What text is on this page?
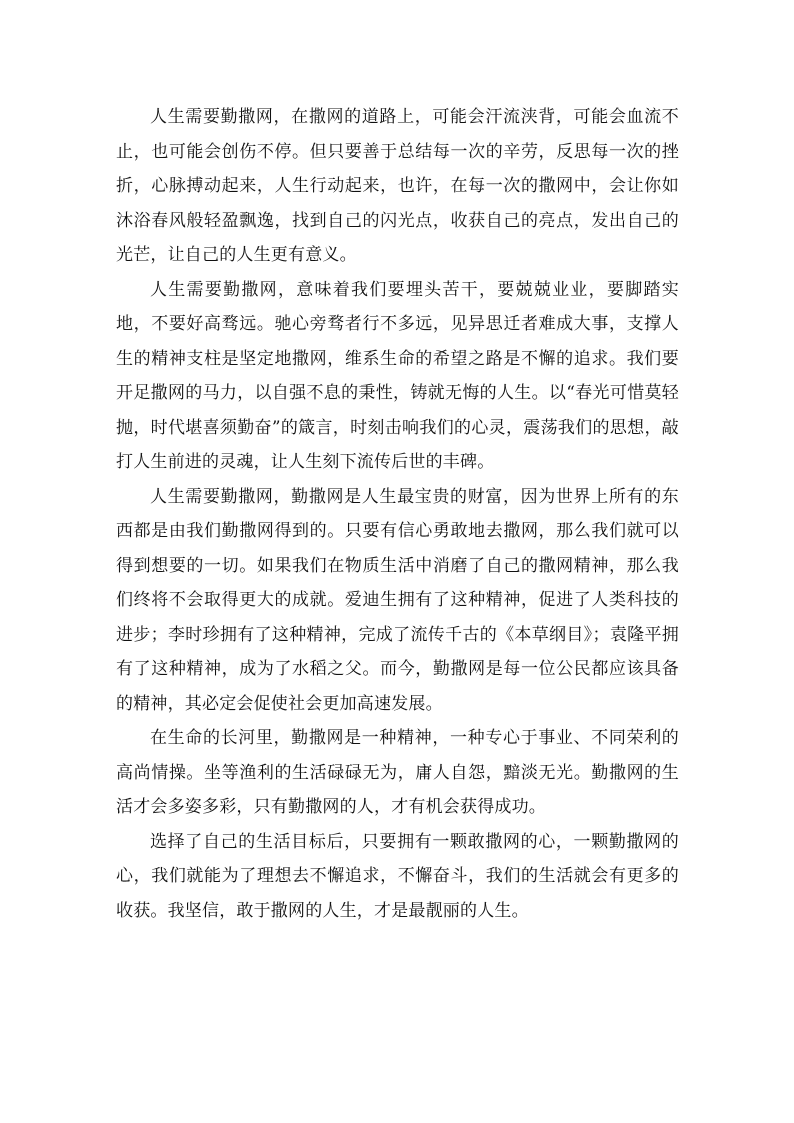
人生需要勤撒网，在撒网的道路上，可能会汗流浃背，可能会血流不止，也可能会创伤不停。但只要善于总结每一次的辛劳，反思每一次的挫折，心脉搏动起来，人生行动起来，也许，在每一次的撒网中，会让你如沐浴春风般轻盈飘逸，找到自己的闪光点，收获自己的亮点，发出自己的光芒，让自己的人生更有意义。

人生需要勤撒网，意味着我们要埋头苦干，要兢兢业业，要脚踏实地，不要好高骛远。驰心旁骛者行不多远，见异思迁者难成大事，支撑人生的精神支柱是坚定地撒网，维系生命的希望之路是不懈的追求。我们要开足撒网的马力，以自强不息的秉性，铸就无悔的人生。以“春光可惜莫轻抛，时代堪喜须勤奋”的箴言，时刻击响我们的心灵，震荡我们的思想，敲打人生前进的灵魂，让人生刻下流传后世的丰碑。

人生需要勤撒网，勤撒网是人生最宝贵的财富，因为世界上所有的东西都是由我们勤撒网得到的。只要有信心勇敢地去撒网，那么我们就可以得到想要的一切。如果我们在物质生活中消磨了自己的撒网精神，那么我们终将不会取得更大的成就。爱迪生拥有了这种精神，促进了人类科技的进步；李时珍拥有了这种精神，完成了流传千古的《本草纲目》；袁隆平拥有了这种精神，成为了水稻之父。而今，勤撒网是每一位公民都应该具备的精神，其必定会促使社会更加高速发展。

在生命的长河里，勤撒网是一种精神，一种专心于事业、不同荣利的高尚情操。坐等渔利的生活碌碌无为，庸人自怨，黯淡无光。勤撒网的生活才会多姿多彩，只有勤撒网的人，才有机会获得成功。

选择了自己的生活目标后，只要拥有一颗敢撒网的心，一颗勤撒网的心，我们就能为了理想去不懈追求，不懈奋斗，我们的生活就会有更多的收获。我坚信，敢于撒网的人生，才是最靓丽的人生。
